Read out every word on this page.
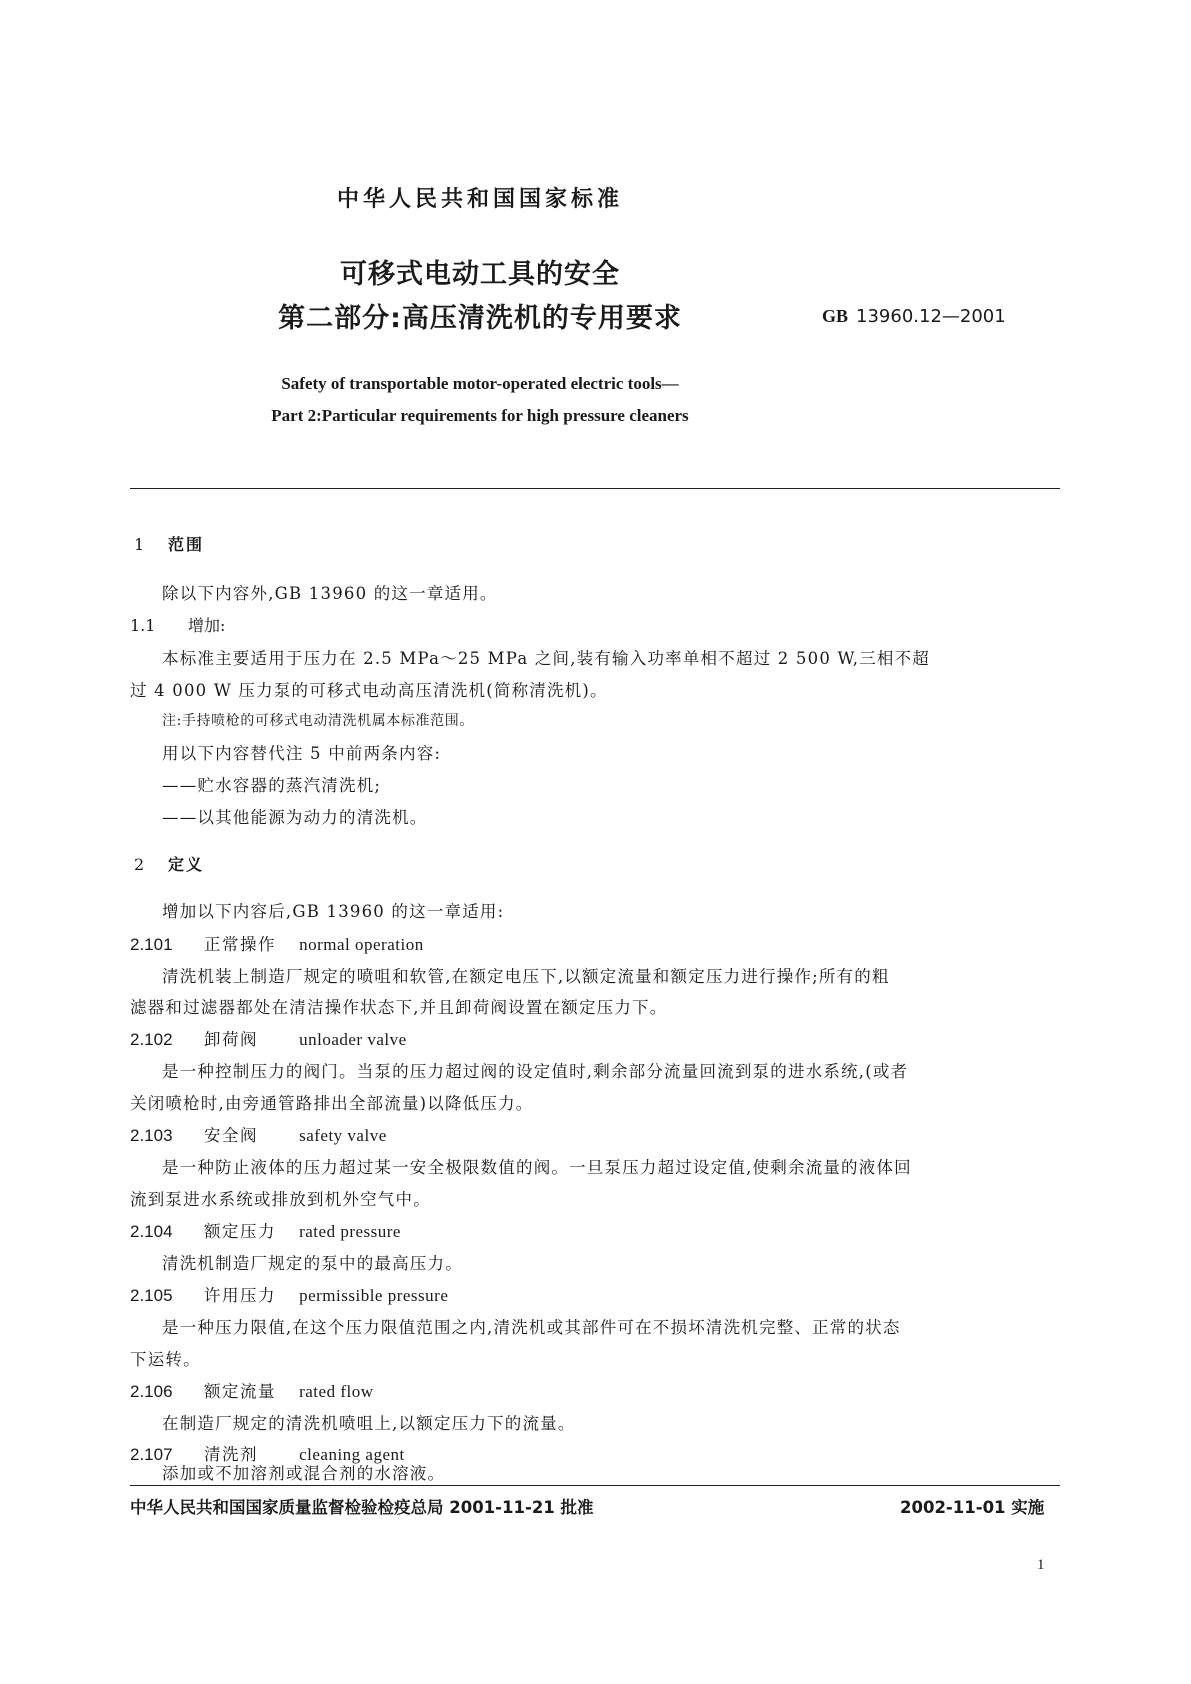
中华人民共和国国家标准
可移式电动工具的安全
第二部分:高压清洗机的专用要求	GB 13960.12—2001
Safety of transportable motor-operated electric tools—
Part 2:Particular requirements for high pressure cleaners
1 范围
除以下内容外,GB 13960 的这一章适用。
1.1 增加:
本标准主要适用于压力在 2.5 MPa～25 MPa 之间,装有输入功率单相不超过 2 500 W,三相不超
过 4 000 W 压力泵的可移式电动高压清洗机(简称清洗机)。
注:手持喷枪的可移式电动清洗机属本标准范围。
用以下内容替代注 5 中前两条内容:
——贮水容器的蒸汽清洗机;
——以其他能源为动力的清洗机。
2 定义
增加以下内容后,GB 13960 的这一章适用:
2.101 正常操作 normal operation
清洗机装上制造厂规定的喷咀和软管,在额定电压下,以额定流量和额定压力进行操作;所有的粗
滤器和过滤器都处在清洁操作状态下,并且卸荷阀设置在额定压力下。
2.102 卸荷阀 unloader valve
是一种控制压力的阀门。当泵的压力超过阀的设定值时,剩余部分流量回流到泵的进水系统,(或者
关闭喷枪时,由旁通管路排出全部流量)以降低压力。
2.103 安全阀 safety valve
是一种防止液体的压力超过某一安全极限数值的阀。一旦泵压力超过设定值,使剩余流量的液体回
流到泵进水系统或排放到机外空气中。
2.104 额定压力 rated pressure
清洗机制造厂规定的泵中的最高压力。
2.105 许用压力 permissible pressure
是一种压力限值,在这个压力限值范围之内,清洗机或其部件可在不损坏清洗机完整、正常的状态
下运转。
2.106 额定流量 rated flow
在制造厂规定的清洗机喷咀上,以额定压力下的流量。
2.107 清洗剂 cleaning agent
添加或不加溶剂或混合剂的水溶液。
中华人民共和国国家质量监督检验检疫总局 2001-11-21 批准	2002-11-01 实施
1
